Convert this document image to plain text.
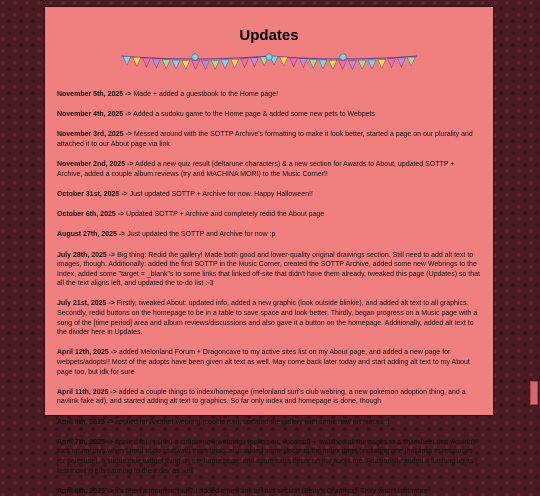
Updates

November 5th, 2025 -> Made + added a guestbook to the Home page!

November 4th, 2025 -> Added a sudoku game to the Home page & added some new pets to Webpets

November 3rd, 2025 -> Messed around with the SOTTP Archive's formatting to make it look better, started a page on our plurality and attached it to our About page via link

November 2nd, 2025 -> Added a new quiz result (deltarune characters) & a new section for Awards to About, updated SOTTP + Archive, added a couple album reviews (try and MACHINA MORI) to the Music Corner!!

October 31st, 2025 -> Just updated SOTTP + Archive for now. Happy Halloween!!

October 6th, 2025 -> Updated SOTTP + Archive and completely redid the About page

August 27th, 2025 -> Just updated the SOTTP and Archive for now :p

July 28th, 2025 -> Big thing: Redid the gallery! Made both good and lower-quality original drawings section. Still need to add alt text to images, though. Additionally: added the first SOTTP in the Music Corner, created the SOTTP Archive, added some new Webrings to the Index, added some "target = _blank"s to some links that linked off-site that didn't have them already, tweaked this page (Updates) so that all the text aligns left, and updated the to-do list :-3

July 21st, 2025 -> Firstly, tweaked About: updated info, added a new graphic (look outside blinkie), and added alt text to all graphics. Secondly, redid buttons on the homepage to be in a table to save space and look better. Thirdly, began progress on a Music page with a song of the [time period] area and album reviews/discussions and also gave it a button on the homepage. Additionally, added alt text to the divider here in Updates.

April 12th, 2025 -> added Melonland Forum + Dragoncave to my active sites list on my About page, and added a new page for webpets/adopts!! Most of the adopts have been given alt text as well. May come back later today and start adding alt text to my About page too, but idk for sure

April 11th, 2025 -> added a couple things to index/homepage (melonland surf's club webring, a new pokemon adoption thing, and a navlink fake ad), and started adding alt text to graphics. So far only index and homepage is done, though

April 8th, 2025 -> applied for Another webring (cookie run), updated the gallery with some new art pieces :]

April 7th, 2025 -> applied for / joined a couple new webrings (pokemon, vocaloid) + switched all the pages to a stylesheet that wouldn't fuck up my divs when I tried to do stuff with them lmao. also added some decor to the index page (including one that links to resources for palestine), a status.cafe widget thing on the home page, and some extra decor on my about me. Additionally added a flashing lights / fast moving gifs warning to the index as well

April 6th, 2025 -> it's been a moment, huh? I added a new link to links section (Betty's Graphics). Truly wish I had more
